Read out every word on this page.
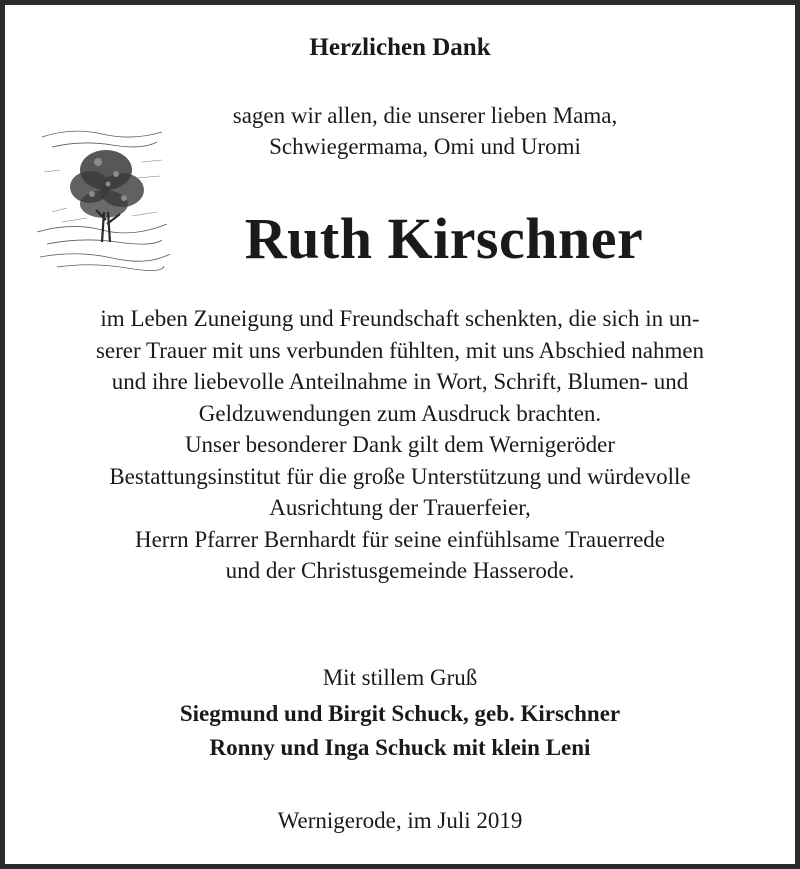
Herzlichen Dank
sagen wir allen, die unserer lieben Mama,
Schwiegermama, Omi und Uromi
Ruth Kirschner
im Leben Zuneigung und Freundschaft schenkten, die sich in un-
serer Trauer mit uns verbunden fühlten, mit uns Abschied nahmen
und ihre liebevolle Anteilnahme in Wort, Schrift, Blumen- und
Geldzuwendungen zum Ausdruck brachten.
Unser besonderer Dank gilt dem Wernigeröder
Bestattungsinstitut für die große Unterstützung und würdevolle
Ausrichtung der Trauerfeier,
Herrn Pfarrer Bernhardt für seine einfühlsame Trauerrede
und der Christusgemeinde Hasserode.
Mit stillem Gruß
Siegmund und Birgit Schuck, geb. Kirschner
Ronny und Inga Schuck mit klein Leni
Wernigerode, im Juli 2019
